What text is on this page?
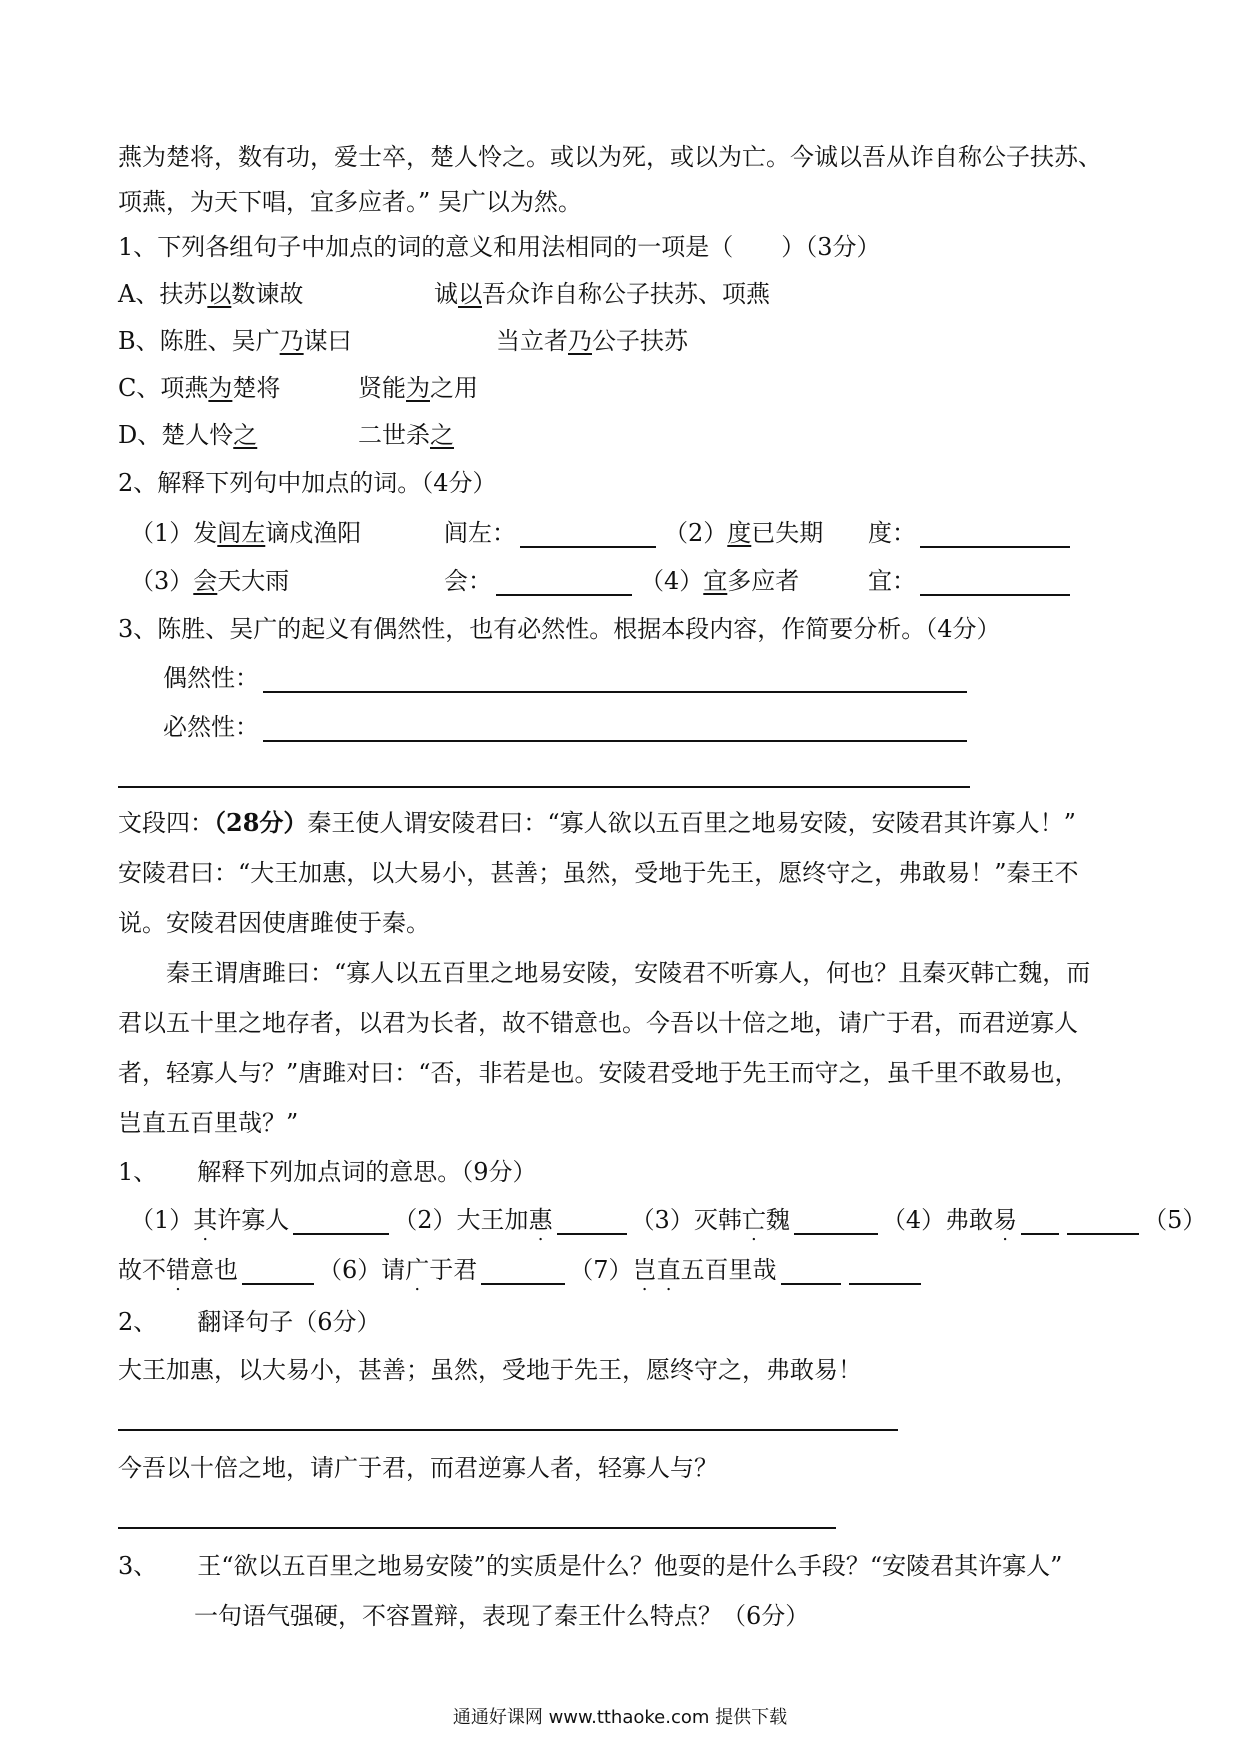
燕为楚将，数有功，爱士卒，楚人怜之。或以为死，或以为亡。今诚以吾从诈自称公子扶苏、
项燕，为天下唱，宜多应者。” 吴广以为然。
1、下列各组句子中加点的词的意义和用法相同的一项是（　　）（3分）
A、扶苏以数谏故	诚以吾众诈自称公子扶苏、项燕
B、陈胜、吴广乃谋曰	当立者乃公子扶苏
C、项燕为楚将	贤能为之用
D、楚人怜之	二世杀之
2、解释下列句中加点的词。（4分）
（1）发闾左谪戍渔阳	闾左：	（2）度已失期 度：
（3）会天大雨	会：	（4）宜多应者	宜：
3、陈胜、吴广的起义有偶然性，也有必然性。根据本段内容，作简要分析。（4分）
偶然性：
必然性：
文段四：（28分）秦王使人谓安陵君曰：“寡人欲以五百里之地易安陵，安陵君其许寡人！”
安陵君曰：“大王加惠，以大易小，甚善；虽然，受地于先王，愿终守之，弗敢易！”秦王不
说。安陵君因使唐雎使于秦。
秦王谓唐雎曰：“寡人以五百里之地易安陵，安陵君不听寡人，何也？且秦灭韩亡魏，而
君以五十里之地存者，以君为长者，故不错意也。今吾以十倍之地，请广于君，而君逆寡人
者，轻寡人与？”唐雎对曰：“否，非若是也。安陵君受地于先王而守之，虽千里不敢易也，
岂直五百里哉？”
1、 解释下列加点词的意思。（9分）
（1）其许寡人	（2）大王加惠	（3）灭韩亡魏	（4）弗敢易	（5）
故不错意也	（6）请广于君	（7）岂直五百里哉
2、 翻译句子（6分）
大王加惠，以大易小，甚善；虽然，受地于先王，愿终守之，弗敢易！
今吾以十倍之地，请广于君，而君逆寡人者，轻寡人与？
3、 王“欲以五百里之地易安陵”的实质是什么？他耍的是什么手段？“安陵君其许寡人”
一句语气强硬，不容置辩，表现了秦王什么特点？（6分）
通通好课网 www.tthaoke.com 提供下载
